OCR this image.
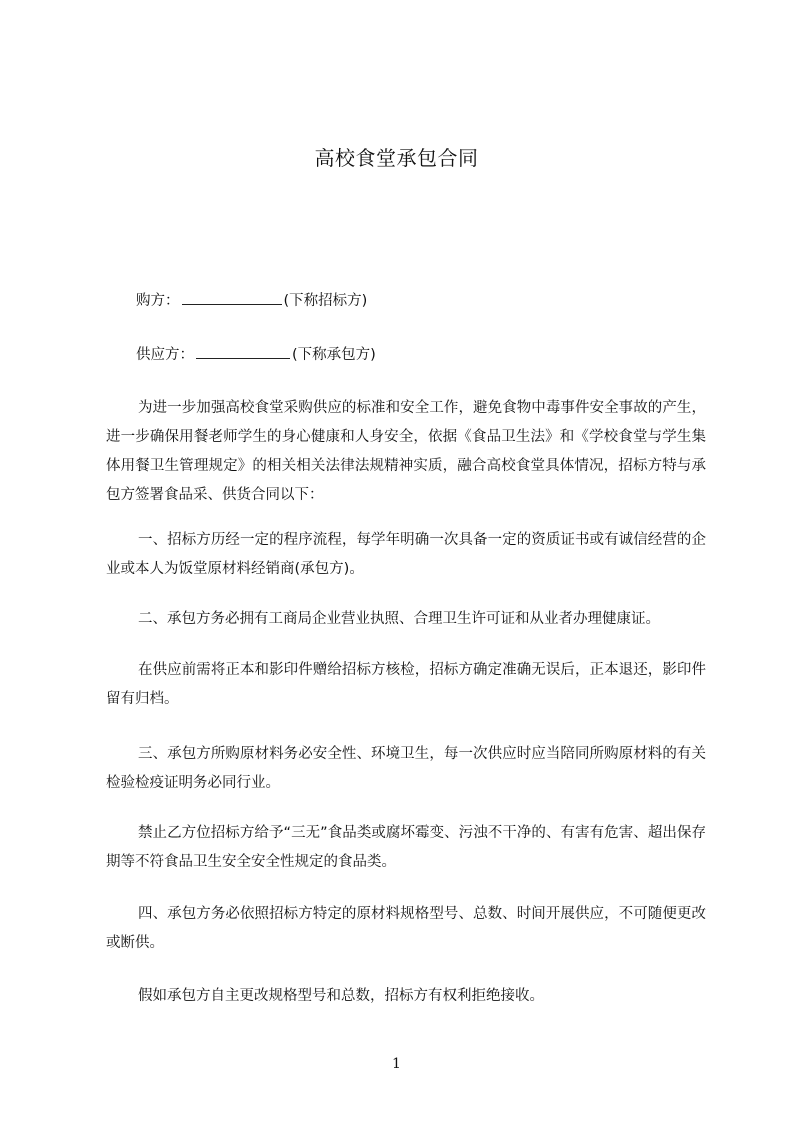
高校食堂承包合同
购方：	(下称招标方)
供应方：	(下称承包方)

为进一步加强高校食堂采购供应的标准和安全工作，避免食物中毒事件安全事故的产生，进一步确保用餐老师学生的身心健康和人身安全，依据《食品卫生法》和《学校食堂与学生集体用餐卫生管理规定》的相关相关法律法规精神实质，融合高校食堂具体情况，招标方特与承包方签署食品采、供货合同以下：

一、招标方历经一定的程序流程，每学年明确一次具备一定的资质证书或有诚信经营的企业或本人为饭堂原材料经销商(承包方)。

二、承包方务必拥有工商局企业营业执照、合理卫生许可证和从业者办理健康证。

在供应前需将正本和影印件赠给招标方核检，招标方确定准确无误后，正本退还，影印件留有归档。

三、承包方所购原材料务必安全性、环境卫生，每一次供应时应当陪同所购原材料的有关检验检疫证明务必同行业。

禁止乙方位招标方给予“三无”食品类或腐坏霉变、污浊不干净的、有害有危害、超出保存期等不符食品卫生安全安全性规定的食品类。

四、承包方务必依照招标方特定的原材料规格型号、总数、时间开展供应，不可随便更改或断供。

假如承包方自主更改规格型号和总数，招标方有权利拒绝接收。

1
